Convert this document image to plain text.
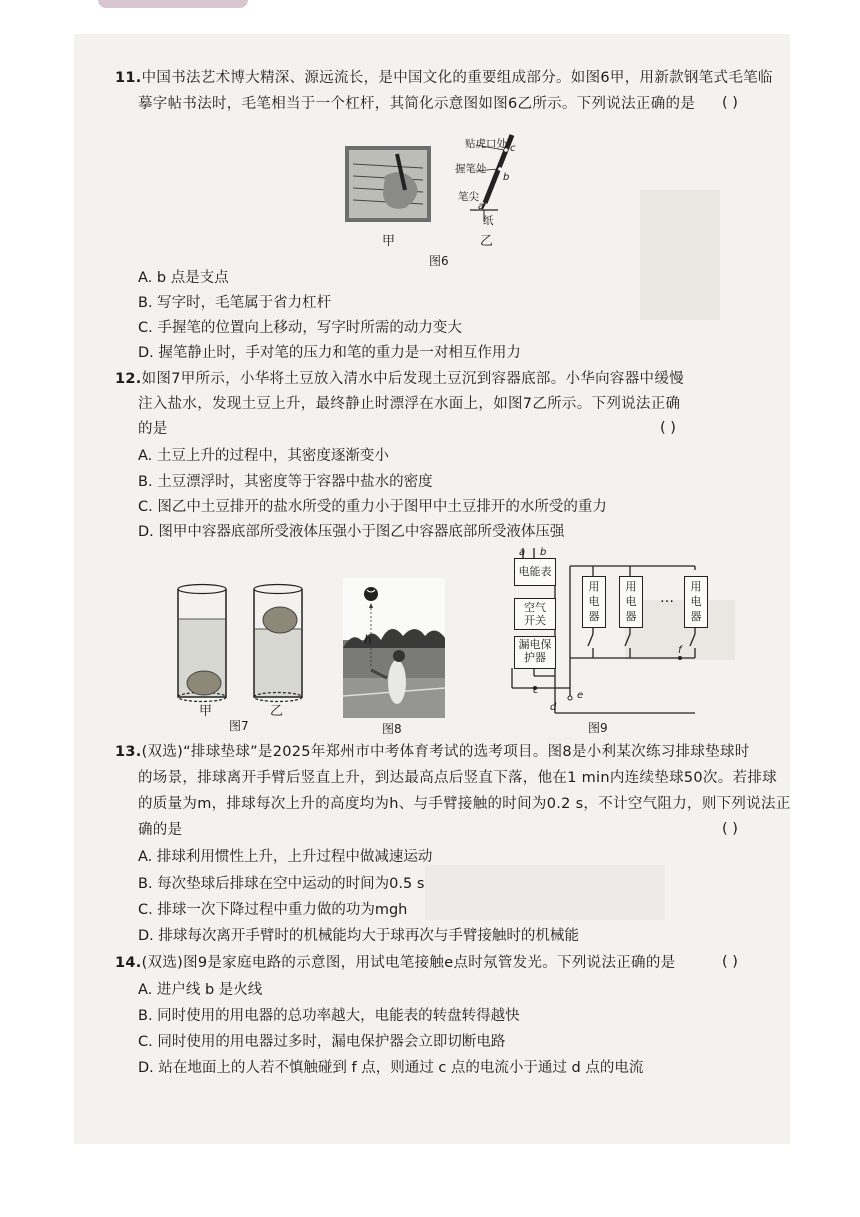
11.中国书法艺术博大精深、源远流长，是中国文化的重要组成部分。如图6甲，用新款钢笔式毛笔临
摹字帖书法时，毛笔相当于一个杠杆，其简化示意图如图6乙所示。下列说法正确的是 ( )
甲
贴虎口处 c
握笔处
b
笔尖
a
纸
乙
图6
A. b 点是支点
B. 写字时，毛笔属于省力杠杆
C. 手握笔的位置向上移动，写字时所需的动力变大
D. 握笔静止时，手对笔的压力和笔的重力是一对相互作用力
12.如图7甲所示，小华将土豆放入清水中后发现土豆沉到容器底部。小华向容器中缓慢
注入盐水，发现土豆上升，最终静止时漂浮在水面上，如图7乙所示。下列说法正确
的是	( )
A. 土豆上升的过程中，其密度逐渐变小
B. 土豆漂浮时，其密度等于容器中盐水的密度
C. 图乙中土豆排开的盐水所受的重力小于图甲中土豆排开的水所受的重力
D. 图甲中容器底部所受液体压强小于图乙中容器底部所受液体压强
甲	乙
图7
h
图8
电能表
空气开关
漏电保护器
用电器
用电器
用电器
…
a b
c
d
e
f
图9
13.(双选)“排球垫球”是2025年郑州市中考体育考试的选考项目。图8是小利某次练习排球垫球时
的场景，排球离开手臂后竖直上升，到达最高点后竖直下落，他在1 min内连续垫球50次。若排球
的质量为m，排球每次上升的高度均为h、与手臂接触的时间为0.2 s，不计空气阻力，则下列说法正
确的是	( )
A. 排球利用惯性上升，上升过程中做减速运动
B. 每次垫球后排球在空中运动的时间为0.5 s
C. 排球一次下降过程中重力做的功为mgh
D. 排球每次离开手臂时的机械能均大于球再次与手臂接触时的机械能
14.(双选)图9是家庭电路的示意图，用试电笔接触e点时氖管发光。下列说法正确的是	( )
A. 进户线 b 是火线
B. 同时使用的用电器的总功率越大，电能表的转盘转得越快
C. 同时使用的用电器过多时，漏电保护器会立即切断电路
D. 站在地面上的人若不慎触碰到 f 点，则通过 c 点的电流小于通过 d 点的电流
